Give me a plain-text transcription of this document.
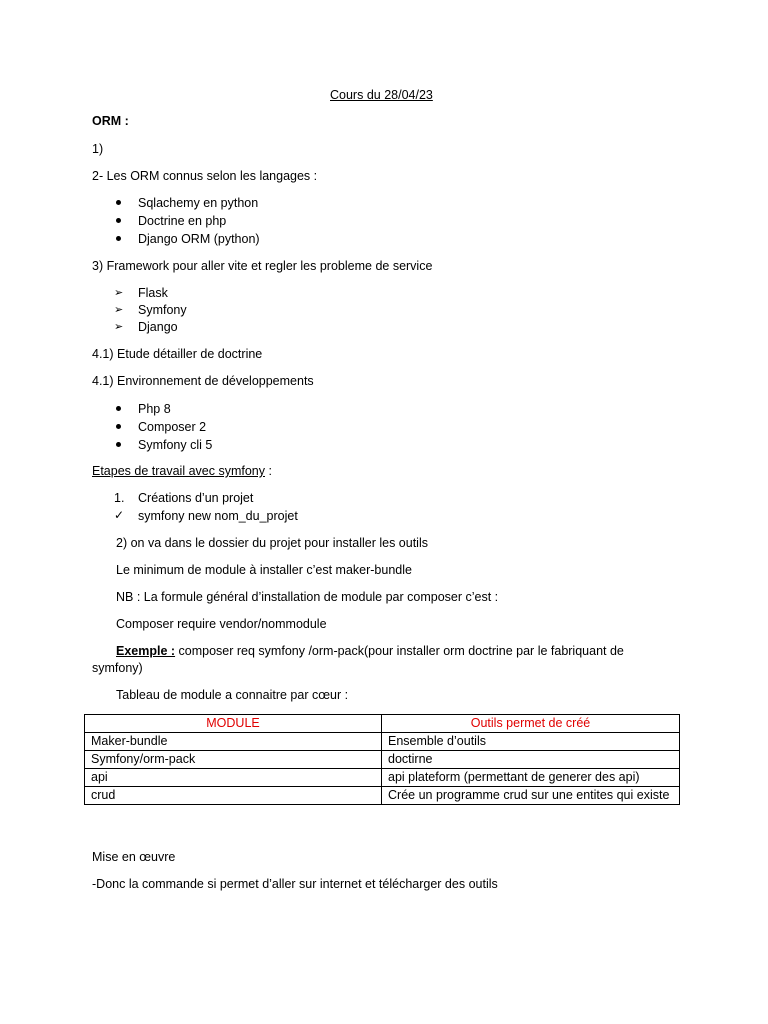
Cours du 28/04/23
ORM :
1)
2- Les ORM connus selon les langages :
Sqlachemy en python
Doctrine en php
Django ORM (python)
3) Framework pour aller vite et regler les probleme de service
➢ Flask
➢ Symfony
➢ Django
4.1) Etude détailler de doctrine
4.1) Environnement de développements
Php 8
Composer 2
Symfony cli 5
Etapes de travail avec symfony :
1. Créations d’un projet
✓ symfony new nom_du_projet
2) on va dans le dossier du projet pour installer les outils
Le minimum de module à installer c’est maker-bundle
NB : La formule général d’installation de module par composer c’est :
Composer require vendor/nommodule
Exemple : composer req symfony /orm-pack(pour installer orm doctrine par le fabriquant de
symfony)
Tableau de module a connaitre par cœur :
MODULE	Outils permet de créé
Maker-bundle	Ensemble d’outils
Symfony/orm-pack	doctirne
api	api plateform (permettant de generer des api)
crud	Crée un programme crud sur une entites qui existe
Mise en œuvre
-Donc la commande si permet d’aller sur internet et télécharger des outils
